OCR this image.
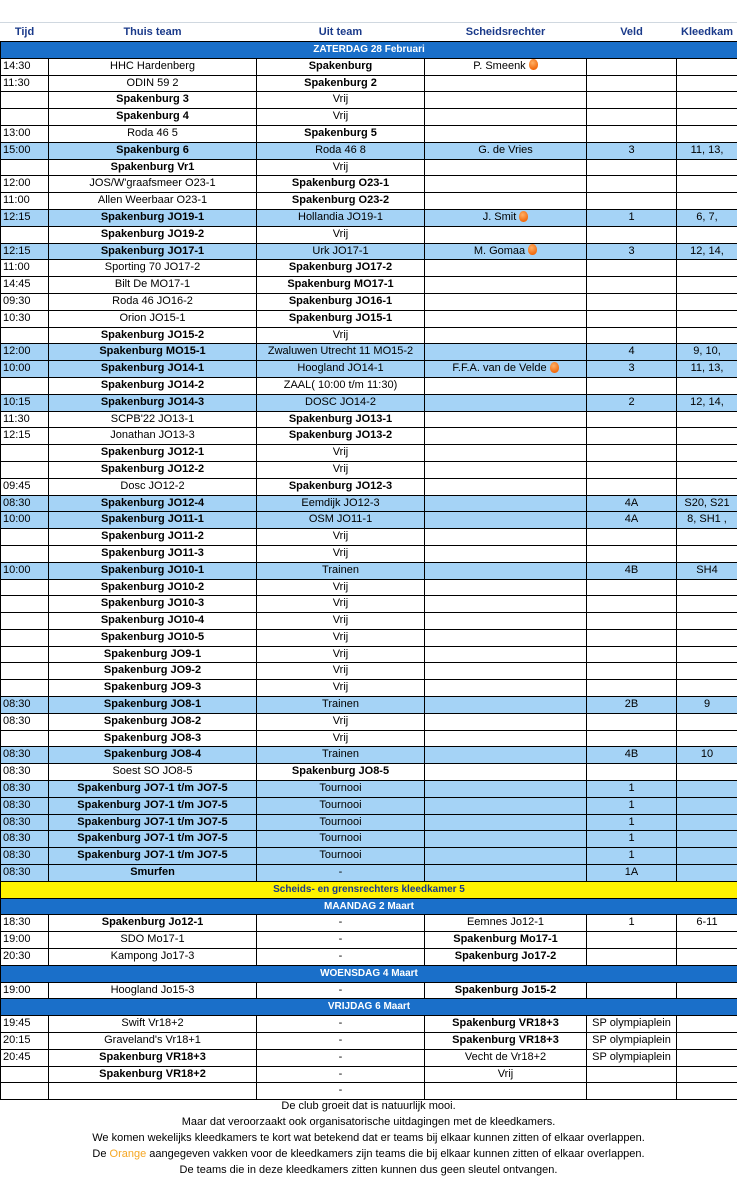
Tijd	Thuis team	Uit team	Scheidsrechter	Veld	Kleedkam
ZATERDAG 28 Februari					
14:30	HHC Hardenberg	Spakenburg	P. Smeenk		
11:30	ODIN 59 2	Spakenburg 2			
	Spakenburg 3	Vrij			
	Spakenburg 4	Vrij			
13:00	Roda 46 5	Spakenburg 5			
15:00	Spakenburg 6	Roda 46 8	G. de Vries	3	11, 13,
	Spakenburg Vr1	Vrij			
12:00	JOS/W'graafsmeer O23-1	Spakenburg O23-1			
11:00	Allen Weerbaar O23-1	Spakenburg O23-2			
12:15	Spakenburg JO19-1	Hollandia JO19-1	J. Smit	1	6, 7,
	Spakenburg JO19-2	Vrij			
12:15	Spakenburg JO17-1	Urk JO17-1	M. Gomaa	3	12, 14,
11:00	Sporting 70 JO17-2	Spakenburg JO17-2			
14:45	Bilt De MO17-1	Spakenburg MO17-1			
09:30	Roda 46 JO16-2	Spakenburg JO16-1			
10:30	Orion JO15-1	Spakenburg JO15-1			
	Spakenburg JO15-2	Vrij			
12:00	Spakenburg MO15-1	Zwaluwen Utrecht 11 MO15-2		4	9, 10,
10:00	Spakenburg JO14-1	Hoogland JO14-1	F.F.A. van de Velde	3	11, 13,
	Spakenburg JO14-2	ZAAL( 10:00 t/m 11:30)			
10:15	Spakenburg JO14-3	DOSC JO14-2		2	12, 14,
11:30	SCPB'22 JO13-1	Spakenburg JO13-1			
12:15	Jonathan JO13-3	Spakenburg JO13-2			
	Spakenburg JO12-1	Vrij			
	Spakenburg JO12-2	Vrij			
09:45	Dosc JO12-2	Spakenburg JO12-3			
08:30	Spakenburg JO12-4	Eemdijk JO12-3		4A	S20, S21
10:00	Spakenburg JO11-1	OSM JO11-1		4A	8, SH1 ,
	Spakenburg JO11-2	Vrij			
	Spakenburg JO11-3	Vrij			
10:00	Spakenburg JO10-1	Trainen		4B	SH4
	Spakenburg JO10-2	Vrij			
	Spakenburg JO10-3	Vrij			
	Spakenburg JO10-4	Vrij			
	Spakenburg JO10-5	Vrij			
	Spakenburg JO9-1	Vrij			
	Spakenburg JO9-2	Vrij			
	Spakenburg JO9-3	Vrij			
08:30	Spakenburg JO8-1	Trainen		2B	9
08:30	Spakenburg JO8-2	Vrij			
	Spakenburg JO8-3	Vrij			
08:30	Spakenburg JO8-4	Trainen		4B	10
08:30	Soest SO JO8-5	Spakenburg JO8-5			
08:30	Spakenburg JO7-1 t/m JO7-5	Tournooi		1	
08:30	Spakenburg JO7-1 t/m JO7-5	Tournooi		1	
08:30	Spakenburg JO7-1 t/m JO7-5	Tournooi		1	
08:30	Spakenburg JO7-1 t/m JO7-5	Tournooi		1	
08:30	Spakenburg JO7-1 t/m JO7-5	Tournooi		1	
08:30	Smurfen	-		1A	
Scheids- en grensrechters kleedkamer 5					
MAANDAG 2 Maart					
18:30	Spakenburg Jo12-1	-	Eemnes Jo12-1	1	6-11
19:00	SDO Mo17-1	-	Spakenburg Mo17-1		
20:30	Kampong Jo17-3	-	Spakenburg Jo17-2		
WOENSDAG 4 Maart					
19:00	Hoogland Jo15-3	-	Spakenburg Jo15-2		
VRIJDAG 6 Maart					
19:45	Swift Vr18+2	-	Spakenburg VR18+3	SP olympiaplein	
20:15	Graveland's Vr18+1	-	Spakenburg VR18+3	SP olympiaplein	
20:45	Spakenburg VR18+3	-	Vecht de Vr18+2	SP olympiaplein	
	Spakenburg VR18+2	-	Vrij		
		-			
De club groeit dat is natuurlijk mooi.
Maar dat veroorzaakt ook organisatorische uitdagingen met de kleedkamers.
We komen wekelijks kleedkamers te kort wat betekend dat er teams bij elkaar kunnen zitten of elkaar overlappen.
De Orange aangegeven vakken voor de kleedkamers zijn teams die bij elkaar kunnen zitten of elkaar overlappen.
De teams die in deze kleedkamers zitten kunnen dus geen sleutel ontvangen.
